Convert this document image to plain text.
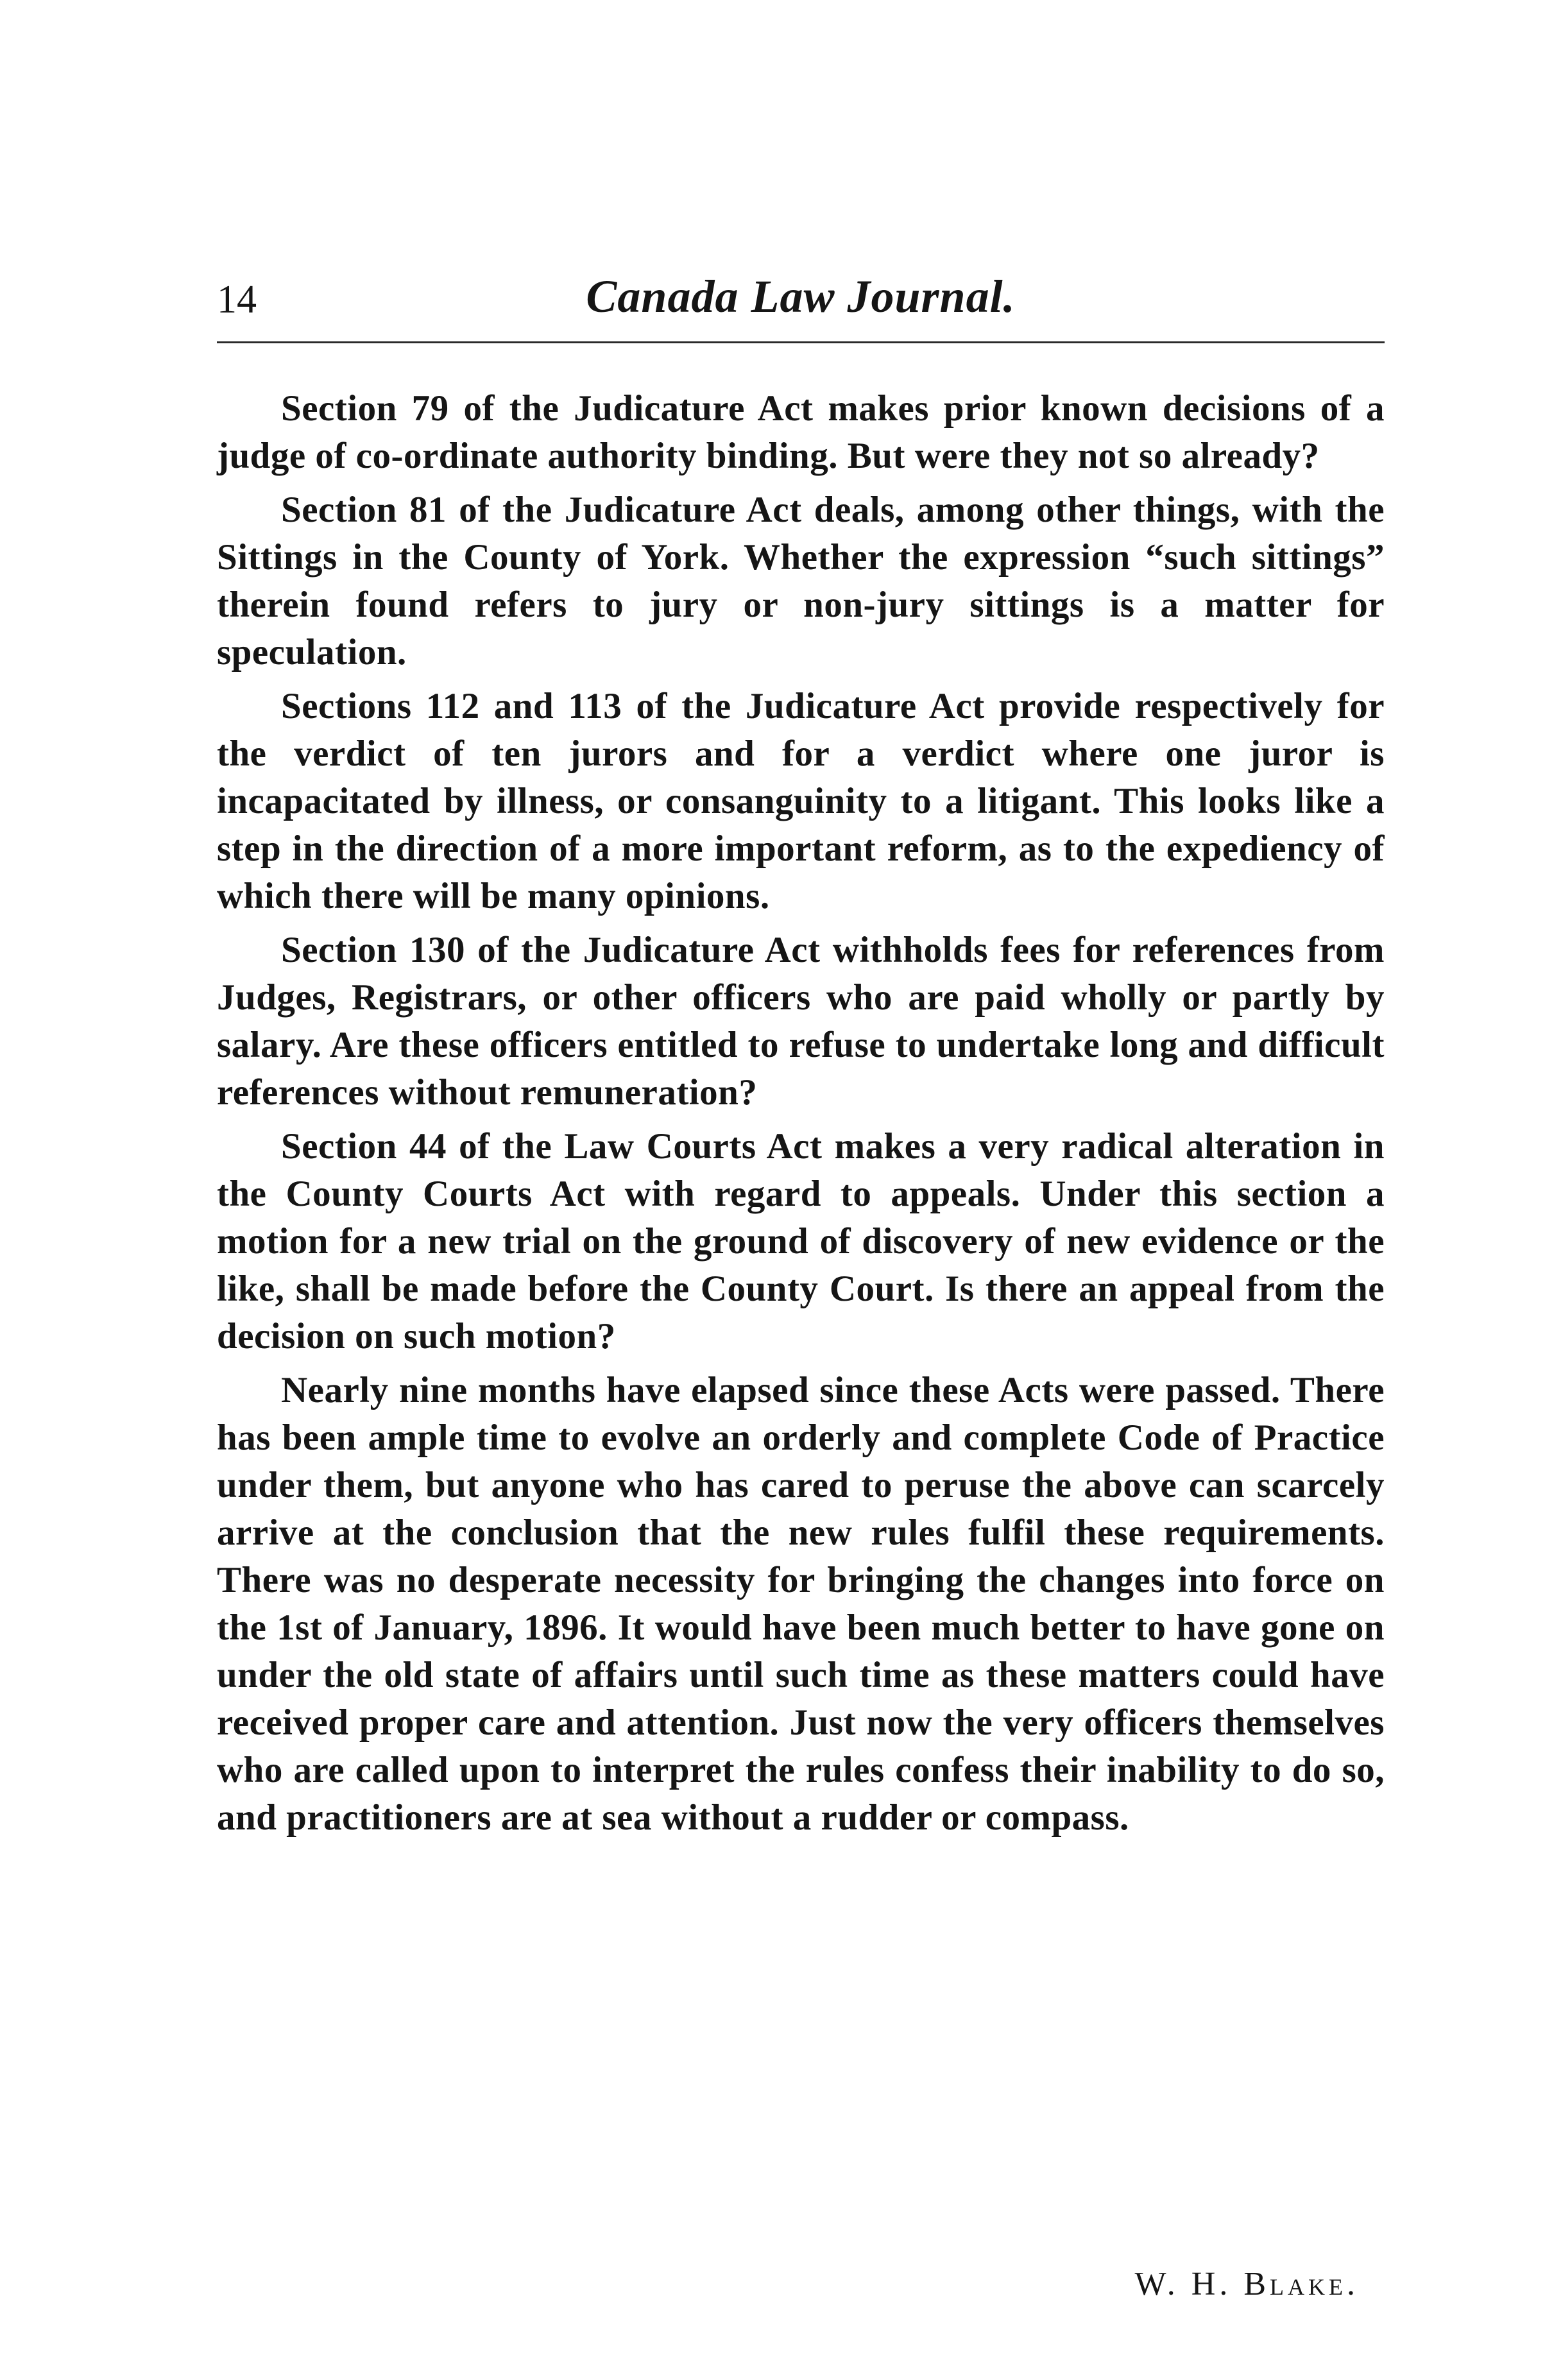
14	Canada Law Journal.

Section 79 of the Judicature Act makes prior known decisions of a judge of co-ordinate authority binding. But were they not so already?

Section 81 of the Judicature Act deals, among other things, with the Sittings in the County of York. Whether the expression “such sittings” therein found refers to jury or non-jury sittings is a matter for speculation.

Sections 112 and 113 of the Judicature Act provide respectively for the verdict of ten jurors and for a verdict where one juror is incapacitated by illness, or consanguinity to a litigant. This looks like a step in the direction of a more important reform, as to the expediency of which there will be many opinions.

Section 130 of the Judicature Act withholds fees for references from Judges, Registrars, or other officers who are paid wholly or partly by salary. Are these officers entitled to refuse to undertake long and difficult references without remuneration?

Section 44 of the Law Courts Act makes a very radical alteration in the County Courts Act with regard to appeals. Under this section a motion for a new trial on the ground of discovery of new evidence or the like, shall be made before the County Court. Is there an appeal from the decision on such motion?

Nearly nine months have elapsed since these Acts were passed. There has been ample time to evolve an orderly and complete Code of Practice under them, but anyone who has cared to peruse the above can scarcely arrive at the conclusion that the new rules fulfil these requirements. There was no desperate necessity for bringing the changes into force on the 1st of January, 1896. It would have been much better to have gone on under the old state of affairs until such time as these matters could have received proper care and attention. Just now the very officers themselves who are called upon to interpret the rules confess their inability to do so, and practitioners are at sea without a rudder or compass.

W. H. Blake.
